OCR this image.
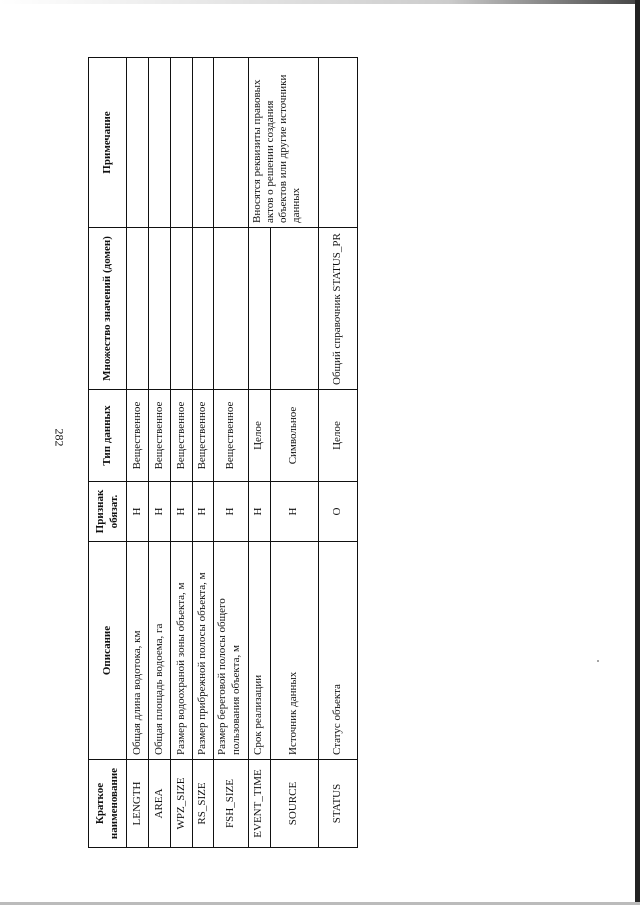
282
Краткое наименование	Описание	Признак обязат.	Тип данных	Множество значений (домен)	Примечание
LENGTH	Общая длина водотока, км	Н	Вещественное		
AREA	Общая площадь водоема, га	Н	Вещественное		
WPZ_SIZE	Размер водоохраной зоны объекта, м	Н	Вещественное		
RS_SIZE	Размер прибрежной полосы объекта, м	Н	Вещественное		
FSH_SIZE	Размер береговой полосы общего пользования объекта, м	Н	Вещественное		
EVENT_TIME	Срок реализации	Н	Целое		Вносятся реквизиты правовых актов о решении создания объектов или другие источники данных
SOURCE	Источник данных	Н	Символьное		
STATUS	Статус объекта	О	Целое	Общий справочник STATUS_PR	
